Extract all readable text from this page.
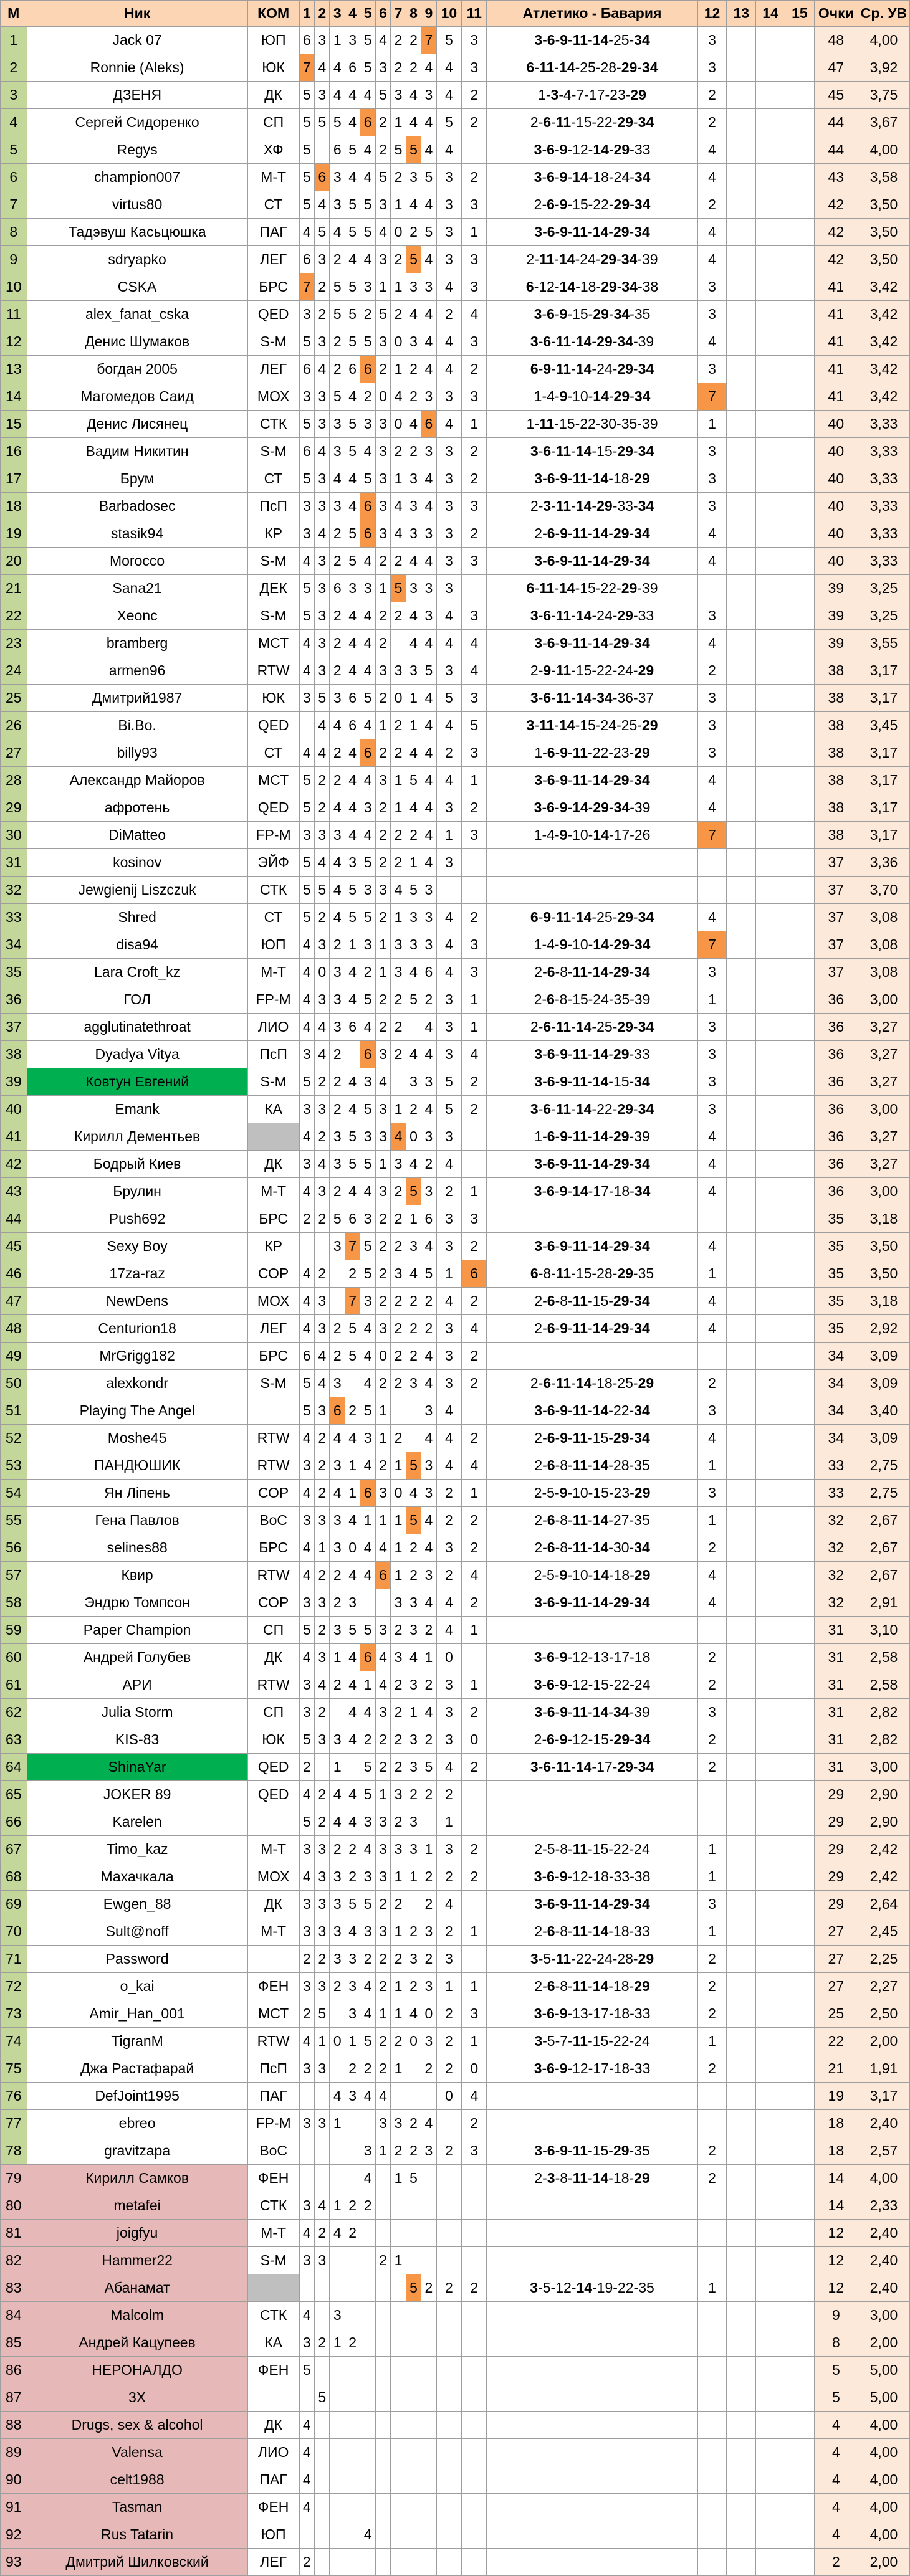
М	Ник	КОМ	1	2	3	4	5	6	7	8	9	10	11	Атлетико - Бавария	12	13	14	15	Очки	Ср. УВ
1	Jack 07	ЮП	6	3	1	3	5	4	2	2	7	5	3	3-6-9-11-14-25-34	3				48	4,00
2	Ronnie (Aleks)	ЮК	7	4	4	6	5	3	2	2	4	4	3	6-11-14-25-28-29-34	3				47	3,92
3	ДЗЕНЯ	ДК	5	3	4	4	4	5	3	4	3	4	2	1-3-4-7-17-23-29	2				45	3,75
4	Сергей Сидоренко	СП	5	5	5	4	6	2	1	4	4	5	2	2-6-11-15-22-29-34	2				44	3,67
5	Regys	ХФ	5		6	5	4	2	5	5	4	4		3-6-9-12-14-29-33	4				44	4,00
6	champion007	М-Т	5	6	3	4	4	5	2	3	5	3	2	3-6-9-14-18-24-34	4				43	3,58
7	virtus80	СТ	5	4	3	5	5	3	1	4	4	3	3	2-6-9-15-22-29-34	2				42	3,50
8	Тадэвуш Касьцюшка	ПАГ	4	5	4	5	5	4	0	2	5	3	1	3-6-9-11-14-29-34	4				42	3,50
9	sdryapko	ЛЕГ	6	3	2	4	4	3	2	5	4	3	3	2-11-14-24-29-34-39	4				42	3,50
10	CSKA	БРС	7	2	5	5	3	1	1	3	3	4	3	6-12-14-18-29-34-38	3				41	3,42
11	alex_fanat_cska	QED	3	2	5	5	2	5	2	4	4	2	4	3-6-9-15-29-34-35	3				41	3,42
12	Денис Шумаков	S-M	5	3	2	5	5	3	0	3	4	4	3	3-6-11-14-29-34-39	4				41	3,42
13	богдан 2005	ЛЕГ	6	4	2	6	6	2	1	2	4	4	2	6-9-11-14-24-29-34	3				41	3,42
14	Магомедов Саид	МОХ	3	3	5	4	2	0	4	2	3	3	3	1-4-9-10-14-29-34	7				41	3,42
15	Денис Лисянец	СТК	5	3	3	5	3	3	0	4	6	4	1	1-11-15-22-30-35-39	1				40	3,33
16	Вадим Никитин	S-M	6	4	3	5	4	3	2	2	3	3	2	3-6-11-14-15-29-34	3				40	3,33
17	Брум	СТ	5	3	4	4	5	3	1	3	4	3	2	3-6-9-11-14-18-29	3				40	3,33
18	Barbadosec	ПсП	3	3	3	4	6	3	4	3	4	3	3	2-3-11-14-29-33-34	3				40	3,33
19	stasik94	КР	3	4	2	5	6	3	4	3	3	3	2	2-6-9-11-14-29-34	4				40	3,33
20	Morocco	S-M	4	3	2	5	4	2	2	4	4	3	3	3-6-9-11-14-29-34	4				40	3,33
21	Sana21	ДЕК	5	3	6	3	3	1	5	3	3	3		6-11-14-15-22-29-39					39	3,25
22	Xeonc	S-M	5	3	2	4	4	2	2	4	3	4	3	3-6-11-14-24-29-33	3				39	3,25
23	bramberg	МСТ	4	3	2	4	4	2		4	4	4	4	3-6-9-11-14-29-34	4				39	3,55
24	armen96	RTW	4	3	2	4	4	3	3	3	5	3	4	2-9-11-15-22-24-29	2				38	3,17
25	Дмитрий1987	ЮК	3	5	3	6	5	2	0	1	4	5	3	3-6-11-14-34-36-37	3				38	3,17
26	Bi.Bo.	QED		4	4	6	4	1	2	1	4	4	5	3-11-14-15-24-25-29	3				38	3,45
27	billy93	СТ	4	4	2	4	6	2	2	4	4	2	3	1-6-9-11-22-23-29	3				38	3,17
28	Александр Майоров	МСТ	5	2	2	4	4	3	1	5	4	4	1	3-6-9-11-14-29-34	4				38	3,17
29	афротень	QED	5	2	4	4	3	2	1	4	4	3	2	3-6-9-14-29-34-39	4				38	3,17
30	DiMatteo	FP-M	3	3	3	4	4	2	2	2	4	1	3	1-4-9-10-14-17-26	7				38	3,17
31	kosinov	ЭЙФ	5	4	4	3	5	2	2	1	4	3							37	3,36
32	Jewgienij Liszczuk	СТК	5	5	4	5	3	3	4	5	3								37	3,70
33	Shred	СТ	5	2	4	5	5	2	1	3	3	4	2	6-9-11-14-25-29-34	4				37	3,08
34	disa94	ЮП	4	3	2	1	3	1	3	3	3	4	3	1-4-9-10-14-29-34	7				37	3,08
35	Lara Croft_kz	М-Т	4	0	3	4	2	1	3	4	6	4	3	2-6-8-11-14-29-34	3				37	3,08
36	ГОЛ	FP-M	4	3	3	4	5	2	2	5	2	3	1	2-6-8-15-24-35-39	1				36	3,00
37	agglutinatethroat	ЛИО	4	4	3	6	4	2	2		4	3	1	2-6-11-14-25-29-34	3				36	3,27
38	Dyadya Vitya	ПсП	3	4	2		6	3	2	4	4	3	4	3-6-9-11-14-29-33	3				36	3,27
39	Ковтун Евгений	S-M	5	2	2	4	3	4		3	3	5	2	3-6-9-11-14-15-34	3				36	3,27
40	Emank	КА	3	3	2	4	5	3	1	2	4	5	2	3-6-11-14-22-29-34	3				36	3,00
41	Кирилл Дементьев		4	2	3	5	3	3	4	0	3	3		1-6-9-11-14-29-39	4				36	3,27
42	Бодрый Киев	ДК	3	4	3	5	5	1	3	4	2	4		3-6-9-11-14-29-34	4				36	3,27
43	Брулин	М-Т	4	3	2	4	4	3	2	5	3	2	1	3-6-9-14-17-18-34	4				36	3,00
44	Push692	БРС	2	2	5	6	3	2	2	1	6	3	3						35	3,18
45	Sexy Boy	КР			3	7	5	2	2	3	4	3	2	3-6-9-11-14-29-34	4				35	3,50
46	17za-raz	СОР	4	2		2	5	2	3	4	5	1	6	6-8-11-15-28-29-35	1				35	3,50
47	NewDens	МОХ	4	3		7	3	2	2	2	2	4	2	2-6-8-11-15-29-34	4				35	3,18
48	Centurion18	ЛЕГ	4	3	2	5	4	3	2	2	2	3	4	2-6-9-11-14-29-34	4				35	2,92
49	MrGrigg182	БРС	6	4	2	5	4	0	2	2	4	3	2						34	3,09
50	alexkondr	S-M	5	4	3		4	2	2	3	4	3	2	2-6-11-14-18-25-29	2				34	3,09
51	Playing The Angel		5	3	6	2	5	1			3	4		3-6-9-11-14-22-34	3				34	3,40
52	Moshe45	RTW	4	2	4	4	3	1	2		4	4	2	2-6-9-11-15-29-34	4				34	3,09
53	ПАНДЮШИК	RTW	3	2	3	1	4	2	1	5	3	4	4	2-6-8-11-14-28-35	1				33	2,75
54	Ян Ліпень	СОР	4	2	4	1	6	3	0	4	3	2	1	2-5-9-10-15-23-29	3				33	2,75
55	Гена Павлов	ВоС	3	3	3	4	1	1	1	5	4	2	2	2-6-8-11-14-27-35	1				32	2,67
56	selines88	БРС	4	1	3	0	4	4	1	2	4	3	2	2-6-8-11-14-30-34	2				32	2,67
57	Квир	RTW	4	2	2	4	4	6	1	2	3	2	4	2-5-9-10-14-18-29	4				32	2,67
58	Эндрю Томпсон	СОР	3	3	2	3			3	3	4	4	2	3-6-9-11-14-29-34	4				32	2,91
59	Paper Champion	СП	5	2	3	5	5	3	2	3	2	4	1						31	3,10
60	Андрей Голубев	ДК	4	3	1	4	6	4	3	4	1	0		3-6-9-12-13-17-18	2				31	2,58
61	АРИ	RTW	3	4	2	4	1	4	2	3	2	3	1	3-6-9-12-15-22-24	2				31	2,58
62	Julia Storm	СП	3	2		4	4	3	2	1	4	3	2	3-6-9-11-14-34-39	3				31	2,82
63	KIS-83	ЮК	5	3	3	4	2	2	2	3	2	3	0	2-6-9-12-15-29-34	2				31	2,82
64	ShinaYar	QED	2		1		5	2	2	3	5	4	2	3-6-11-14-17-29-34	2				31	3,00
65	JOKER 89	QED	4	2	4	4	5	1	3	2	2	2							29	2,90
66	Karelen		5	2	4	4	3	3	2	3		1							29	2,90
67	Timo_kaz	М-Т	3	3	2	2	4	3	3	3	1	3	2	2-5-8-11-15-22-24	1				29	2,42
68	Махачкала	МОХ	4	3	3	2	3	3	1	1	2	2	2	3-6-9-12-18-33-38	1				29	2,42
69	Ewgen_88	ДК	3	3	3	5	5	2	2		2	4		3-6-9-11-14-29-34	3				29	2,64
70	Sult@noff	М-Т	3	3	3	4	3	3	1	2	3	2	1	2-6-8-11-14-18-33	1				27	2,45
71	Password		2	2	3	3	2	2	2	3	2	3		3-5-11-22-24-28-29	2				27	2,25
72	o_kai	ФЕН	3	3	2	3	4	2	1	2	3	1	1	2-6-8-11-14-18-29	2				27	2,27
73	Amir_Han_001	МСТ	2	5		3	4	1	1	4	0	2	3	3-6-9-13-17-18-33	2				25	2,50
74	TigranM	RTW	4	1	0	1	5	2	2	0	3	2	1	3-5-7-11-15-22-24	1				22	2,00
75	Джа Растафарай	ПсП	3	3		2	2	2	1		2	2	0	3-6-9-12-17-18-33	2				21	1,91
76	DefJoint1995	ПАГ			4	3	4	4				0	4						19	3,17
77	ebreo	FP-M	3	3	1			3	3	2	4		2						18	2,40
78	gravitzapa	ВоС					3	1	2	2	3	2	3	3-6-9-11-15-29-35	2				18	2,57
79	Кирилл Самков	ФЕН					4		1	5				2-3-8-11-14-18-29	2				14	4,00
80	metafei	СТК	3	4	1	2	2												14	2,33
81	joigfyu	М-Т	4	2	4	2													12	2,40
82	Hammer22	S-M	3	3				2	1										12	2,40
83	Абанамат									5	2	2	2	3-5-12-14-19-22-35	1				12	2,40
84	Malcolm	СТК	4		3														9	3,00
85	Андрей Кацупеев	КА	3	2	1	2													8	2,00
86	НЕРОНАЛДО	ФЕН	5																5	5,00
87	3Х			5															5	5,00
88	Drugs, sex & alcohol	ДК	4																4	4,00
89	Valensa	ЛИО	4																4	4,00
90	celt1988	ПАГ	4																4	4,00
91	Tasman	ФЕН	4																4	4,00
92	Rus Tatarin	ЮП					4												4	4,00
93	Дмитрий Шилковский	ЛЕГ	2																2	2,00
